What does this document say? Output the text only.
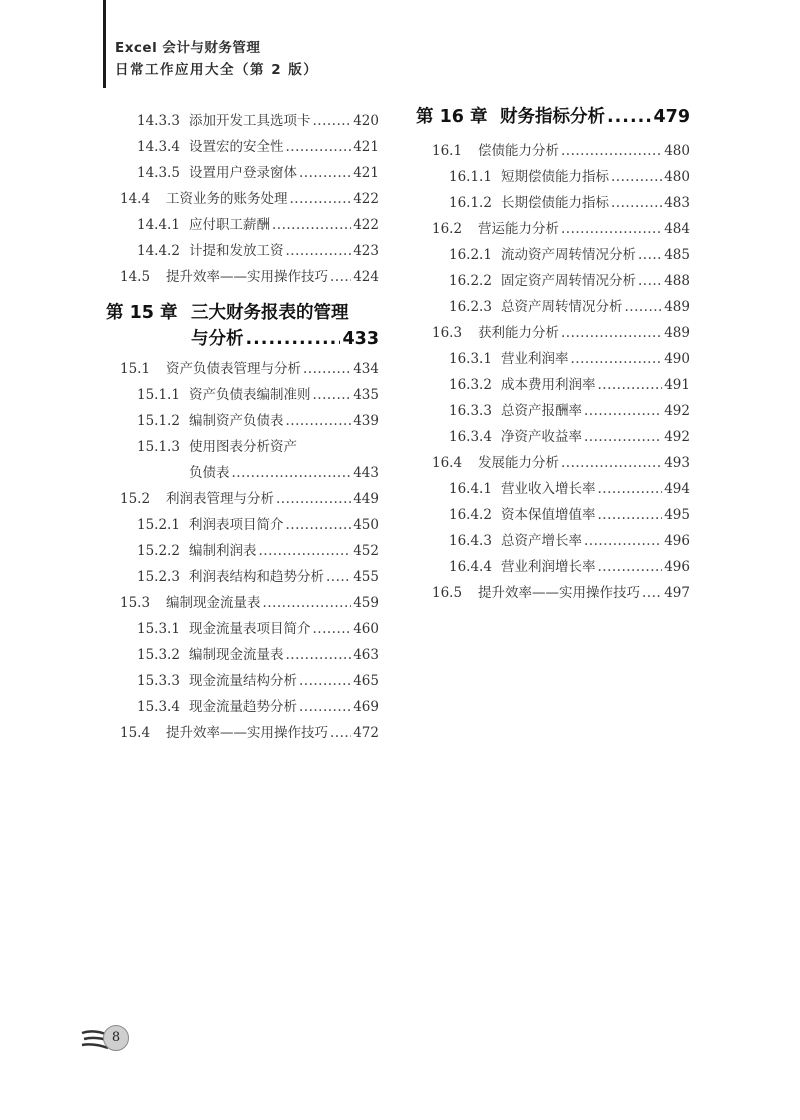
Excel 会计与财务管理
日常工作应用大全（第 2 版）
14.3.3 添加开发工具选项卡 .....	420
14.3.4 设置宏的安全性 .....	421
14.3.5 设置用户登录窗体 .....	421
14.4	工资业务的账务处理 .....	422
14.4.1 应付职工薪酬 .....	422
14.4.2 计提和发放工资 .....	423
14.5	提升效率——实用操作技巧 ..... 424
第 15 章 三大财务报表的管理
与分析 .....	433
15.1	资产负债表管理与分析 .....	434
15.1.1 资产负债表编制准则 .....	435
15.1.2 编制资产负债表 .....	439
15.1.3 使用图表分析资产
负债表 .....	443
15.2	利润表管理与分析 .....	449
15.2.1 利润表项目简介 .....	450
15.2.2 编制利润表 .....	452
15.2.3 利润表结构和趋势分析 ..... 455
15.3	编制现金流量表 .....	459
15.3.1 现金流量表项目简介 .....	460
15.3.2 编制现金流量表 .....	463
15.3.3 现金流量结构分析 .....	465
15.3.4 现金流量趋势分析 .....	469
15.4	提升效率——实用操作技巧 ..... 472
第 16 章 财务指标分析 .....	479
16.1	偿债能力分析 .....	480
16.1.1 短期偿债能力指标 .....	480
16.1.2 长期偿债能力指标 .....	483
16.2	营运能力分析 .....	484
16.2.1 流动资产周转情况分析 ..... 485
16.2.2 固定资产周转情况分析 ..... 488
16.2.3 总资产周转情况分析 .....	489
16.3	获利能力分析 .....	489
16.3.1 营业利润率 .....	490
16.3.2 成本费用利润率 .....	491
16.3.3 总资产报酬率 .....	492
16.3.4 净资产收益率 .....	492
16.4	发展能力分析 .....	493
16.4.1 营业收入增长率 .....	494
16.4.2 资本保值增值率 .....	495
16.4.3 总资产增长率 .....	496
16.4.4 营业利润增长率 .....	496
16.5	提升效率——实用操作技巧 ..... 497
8
